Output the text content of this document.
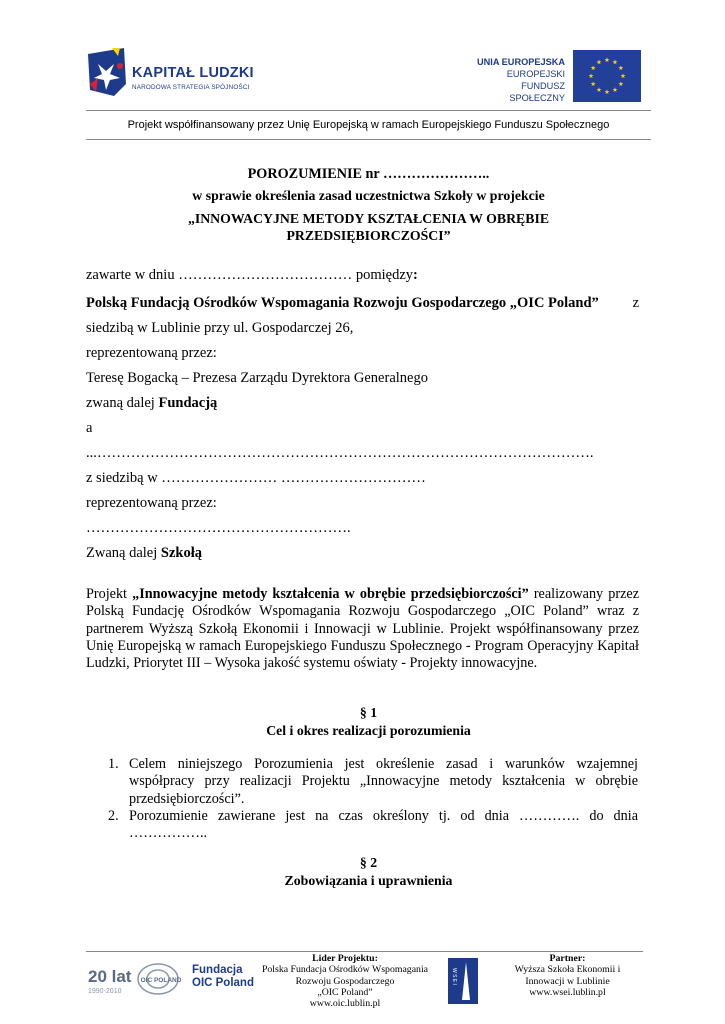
KAPITAŁ LUDZKI
NARODOWA STRATEGIA SPÓJNOŚCI
UNIA EUROPEJSKA
EUROPEJSKI
FUNDUSZ SPOŁECZNY
Projekt współfinansowany przez Unię Europejską w ramach Europejskiego Funduszu Społecznego
POROZUMIENIE nr …………………..
w sprawie określenia zasad uczestnictwa Szkoły w projekcie
„INNOWACYJNE METODY KSZTAŁCENIA W OBRĘBIE
PRZEDSIĘBIORCZOŚCI”
zawarte w dniu ……………………………… pomiędzy:
Polską Fundacją Ośrodków Wspomagania Rozwoju Gospodarczego „OIC Poland” z
siedzibą w Lublinie przy ul. Gospodarczej 26,
reprezentowaną przez:
Teresę Bogacką – Prezesa Zarządu Dyrektora Generalnego
zwaną dalej Fundacją
a
...………………………………………………………………………………………….
z siedzibą w …………………… …………………………
reprezentowaną przez:
……………………………………………….
Zwaną dalej Szkołą
Projekt „Innowacyjne metody kształcenia w obrębie przedsiębiorczości” realizowany przez Polską Fundację Ośrodków Wspomagania Rozwoju Gospodarczego „OIC Poland” wraz z partnerem Wyższą Szkołą Ekonomii i Innowacji w Lublinie. Projekt współfinansowany przez Unię Europejską w ramach Europejskiego Funduszu Społecznego - Program Operacyjny Kapitał Ludzki, Priorytet III – Wysoka jakość systemu oświaty - Projekty innowacyjne.
§ 1
Cel i okres realizacji porozumienia
1. Celem niniejszego Porozumienia jest określenie zasad i warunków wzajemnej współpracy przy realizacji Projektu „Innowacyjne metody kształcenia w obrębie przedsiębiorczości”.
2. Porozumienie zawierane jest na czas określony tj. od dnia …………. do dnia ……………..
§ 2
Zobowiązania i uprawnienia
20 lat
1990-2010
OIC POLAND
Fundacja
OIC Poland
Lider Projektu:
Polska Fundacja Ośrodków Wspomagania
Rozwoju Gospodarczego
„OIC Poland”
www.oic.lublin.pl
W S E I
Partner:
Wyższa Szkoła Ekonomii i
Innowacji w Lublinie
www.wsei.lublin.pl
